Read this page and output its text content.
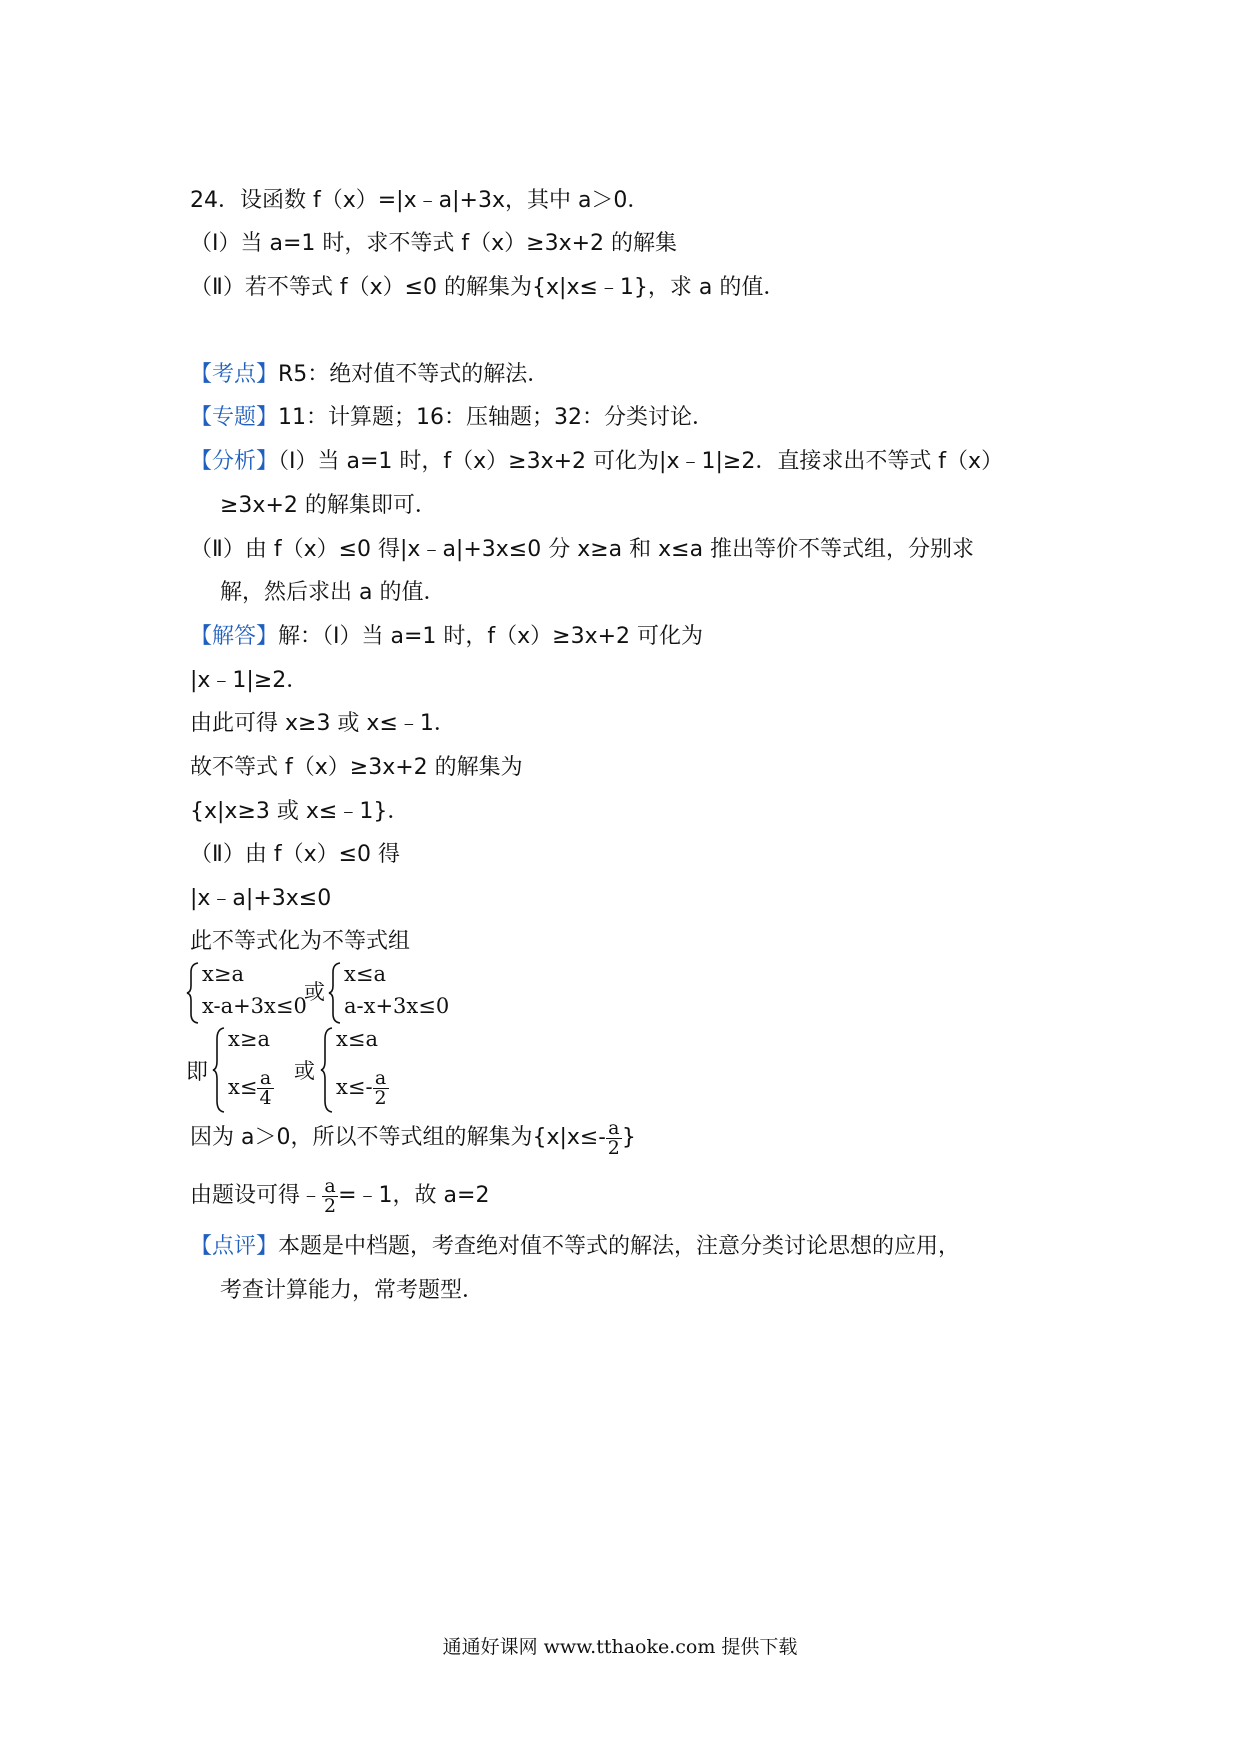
24．设函数 f（x）=|x﹣a|+3x，其中 a＞0．
（Ⅰ）当 a=1 时，求不等式 f（x）≥3x+2 的解集
（Ⅱ）若不等式 f（x）≤0 的解集为{x|x≤﹣1}，求 a 的值．
【考点】R5：绝对值不等式的解法．
【专题】11：计算题；16：压轴题；32：分类讨论．
【分析】（Ⅰ）当 a=1 时，f（x）≥3x+2 可化为|x﹣1|≥2．直接求出不等式 f（x）
≥3x+2 的解集即可．
（Ⅱ）由 f（x）≤0 得|x﹣a|+3x≤0 分 x≥a 和 x≤a 推出等价不等式组，分别求
解，然后求出 a 的值．
【解答】解：（Ⅰ）当 a=1 时，f（x）≥3x+2 可化为
|x﹣1|≥2．
由此可得 x≥3 或 x≤﹣1．
故不等式 f（x）≥3x+2 的解集为
{x|x≥3 或 x≤﹣1}．
（Ⅱ）由 f（x）≤0 得
|x﹣a|+3x≤0
此不等式化为不等式组
x≥a
x-a+3x≤0
或
x≤a
a-x+3x≤0
即
x≥a
$x\le \frac{a}{4}$ 或
x≤a
$x\le- \frac{a}{2}$
因为 a＞0，所以不等式组的解集为{$x|x\le- \frac{a}{2}$ }
由题设可得﹣ $\frac{a}{2}$ =﹣1，故 a=2
【点评】本题是中档题，考查绝对值不等式的解法，注意分类讨论思想的应用，
考查计算能力，常考题型．
通通好课网 www.tthaoke.com 提供下载
